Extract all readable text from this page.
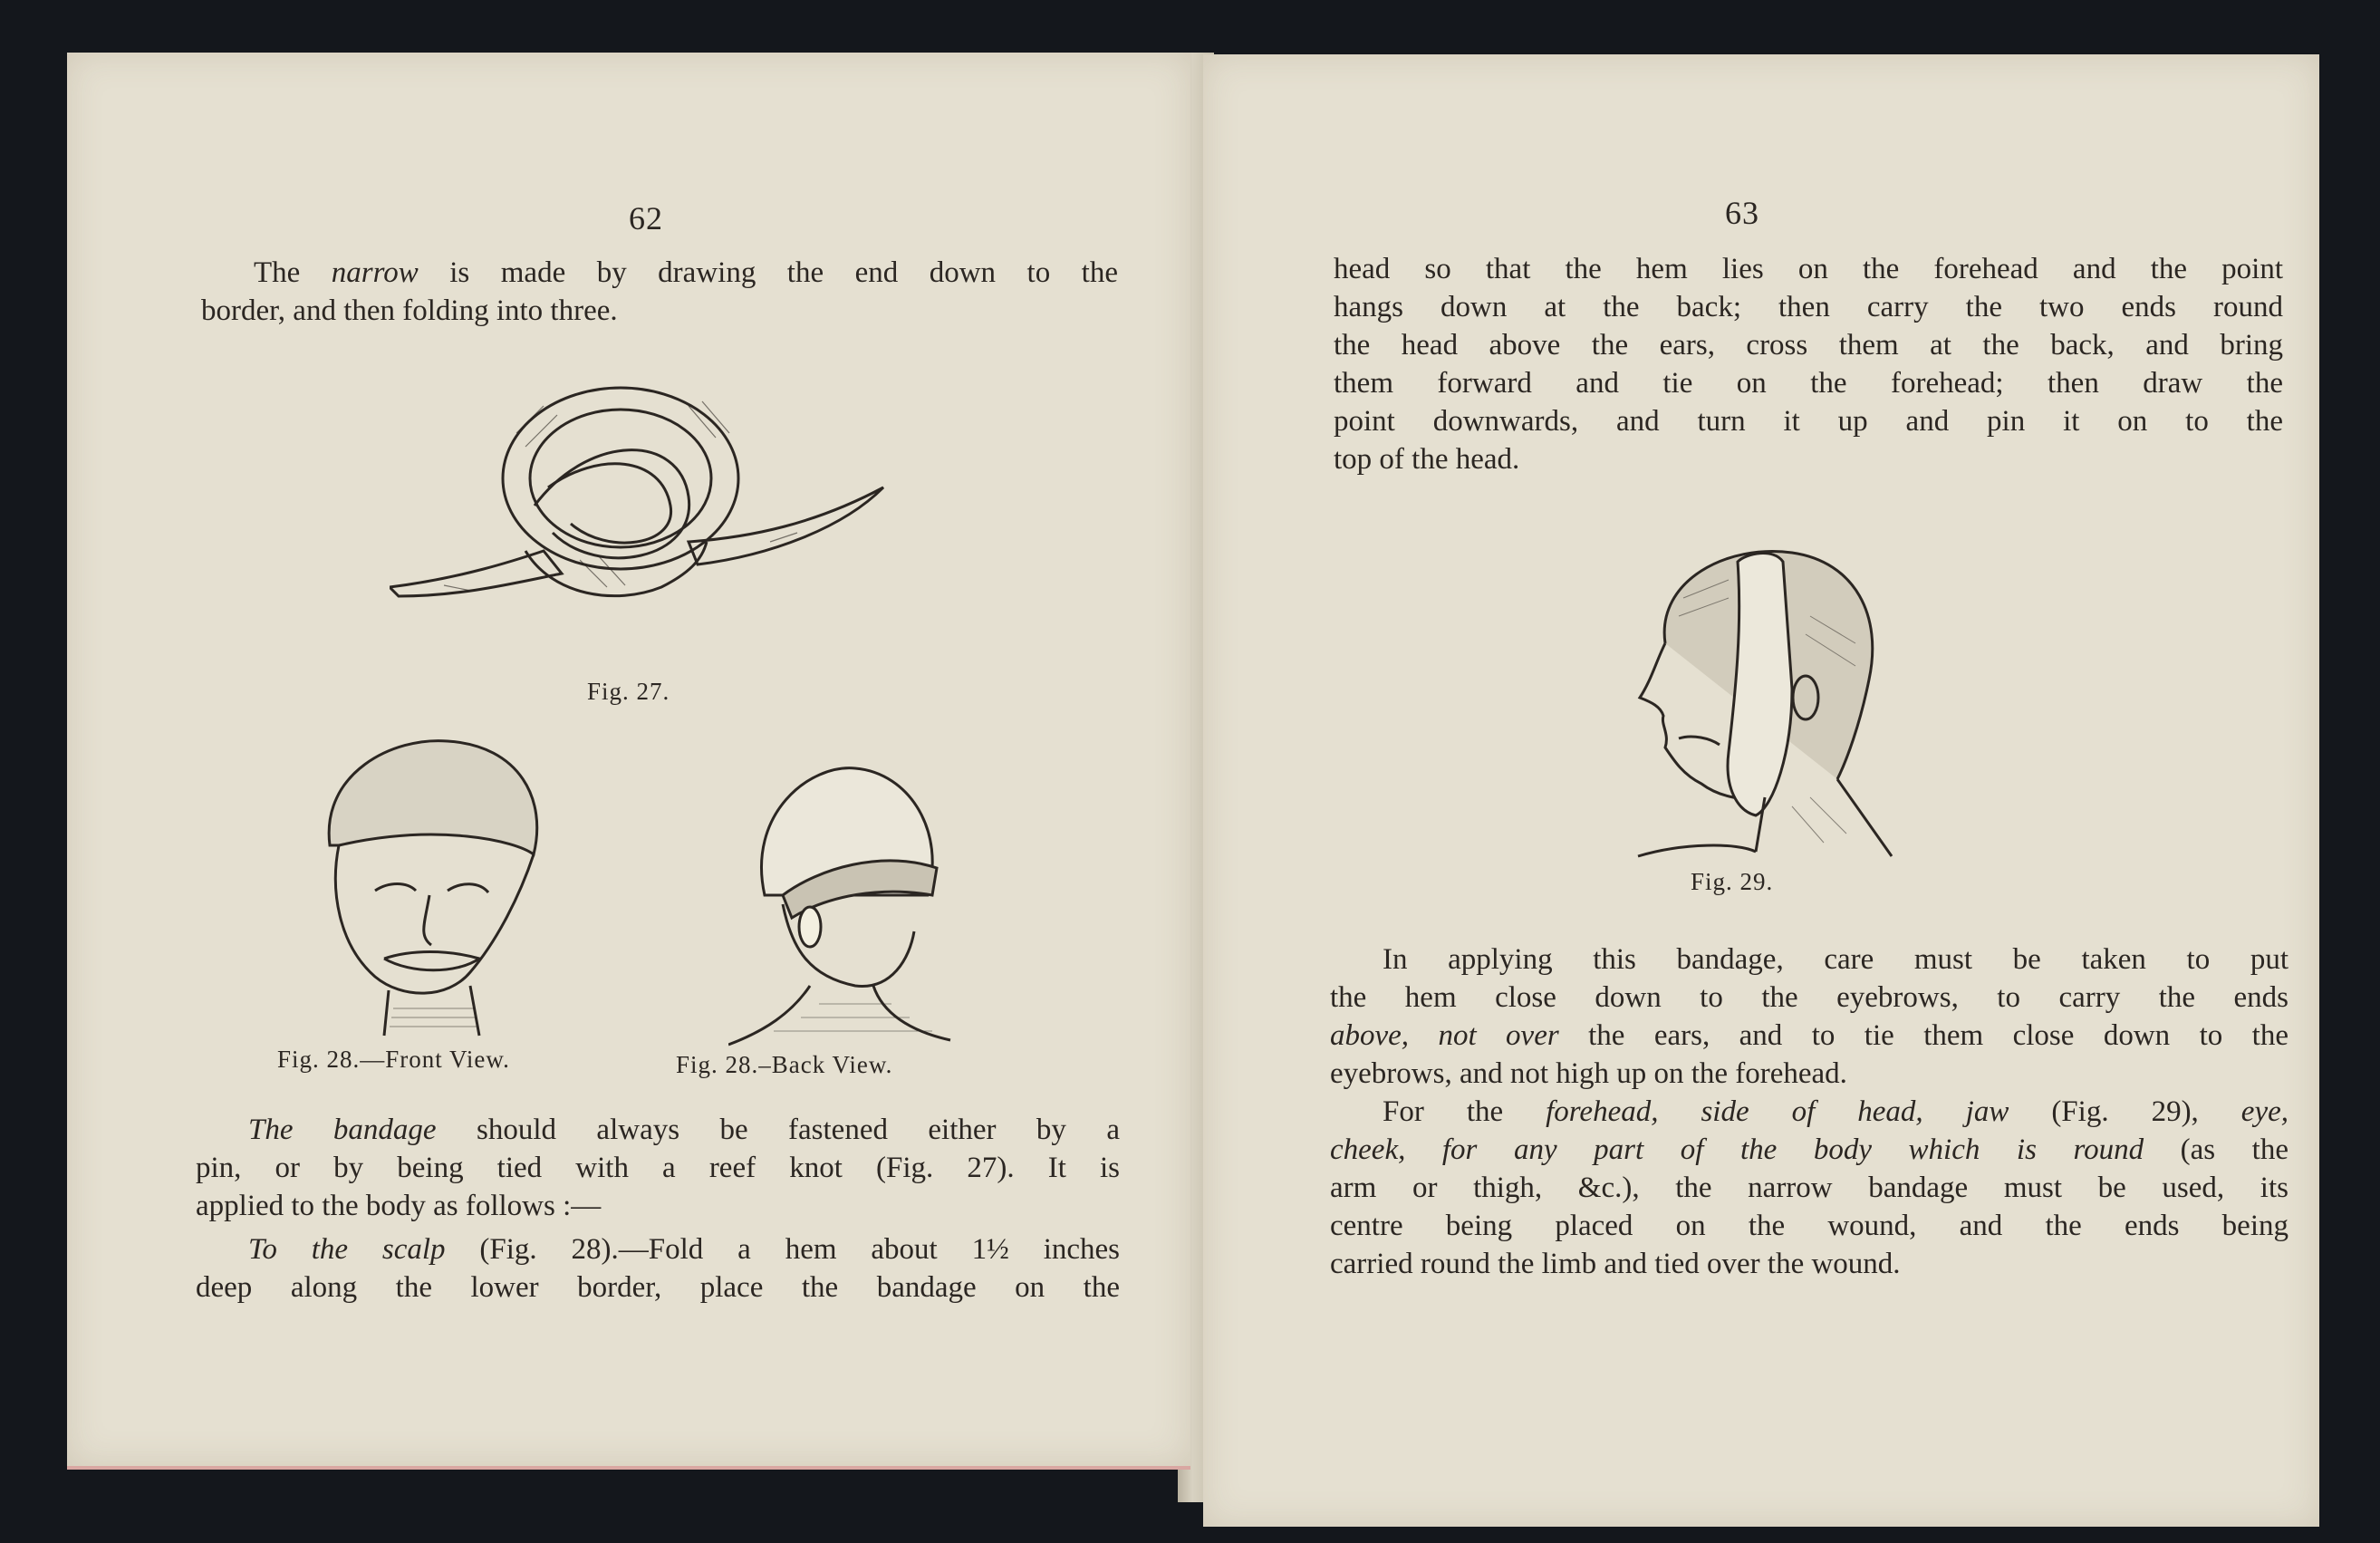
62
The narrow is made by drawing the end down to the
border, and then folding into three.
Fig. 27.
Fig. 28.—Front View.	Fig. 28.–Back View.
The bandage should always be fastened either by a
pin, or by being tied with a reef knot (Fig. 27). It is
applied to the body as follows :—
To the scalp (Fig. 28).—Fold a hem about 1½ inches
deep along the lower border, place the bandage on the
63
head so that the hem lies on the forehead and the point
hangs down at the back; then carry the two ends round
the head above the ears, cross them at the back, and bring
them forward and tie on the forehead; then draw the
point downwards, and turn it up and pin it on to the
top of the head.
Fig. 29.
In applying this bandage, care must be taken to put
the hem close down to the eyebrows, to carry the ends
above, not over the ears, and to tie them close down to the
eyebrows, and not high up on the forehead.
For the forehead, side of head, jaw (Fig. 29), eye,
cheek, for any part of the body which is round (as the
arm or thigh, &c.), the narrow bandage must be used, its
centre being placed on the wound, and the ends being
carried round the limb and tied over the wound.
